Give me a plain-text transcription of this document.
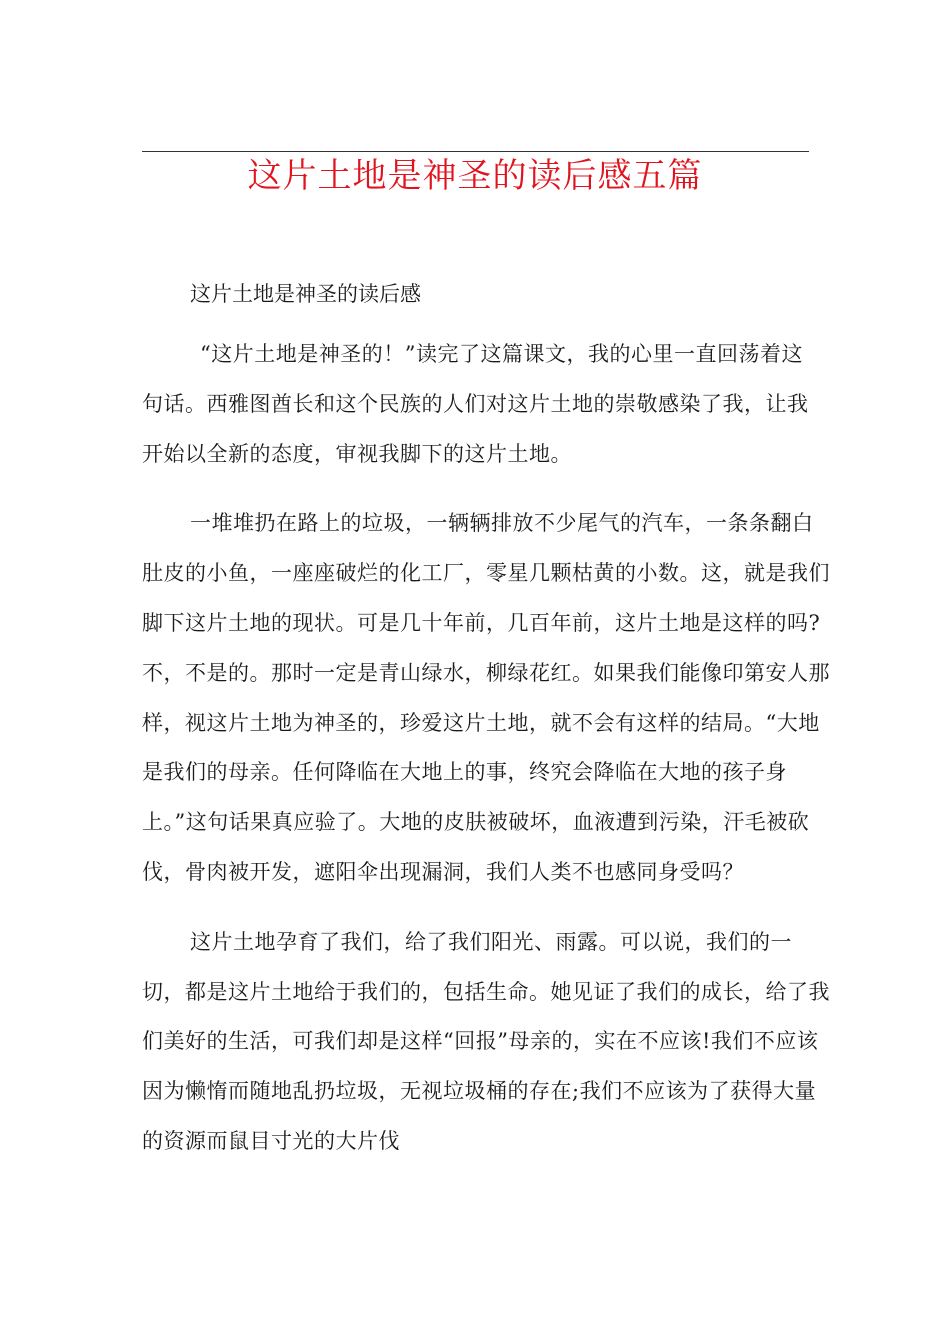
这片土地是神圣的读后感五篇

这片土地是神圣的读后感

“这片土地是神圣的！”读完了这篇课文，我的心里一直回荡着这句话。西雅图酋长和这个民族的人们对这片土地的崇敬感染了我，让我开始以全新的态度，审视我脚下的这片土地。

一堆堆扔在路上的垃圾，一辆辆排放不少尾气的汽车，一条条翻白肚皮的小鱼，一座座破烂的化工厂，零星几颗枯黄的小数。这，就是我们脚下这片土地的现状。可是几十年前，几百年前，这片土地是这样的吗?不，不是的。那时一定是青山绿水，柳绿花红。如果我们能像印第安人那样，视这片土地为神圣的，珍爱这片土地，就不会有这样的结局。“大地是我们的母亲。任何降临在大地上的事，终究会降临在大地的孩子身上。”这句话果真应验了。大地的皮肤被破坏，血液遭到污染，汗毛被砍伐，骨肉被开发，遮阳伞出现漏洞，我们人类不也感同身受吗？

这片土地孕育了我们，给了我们阳光、雨露。可以说，我们的一切，都是这片土地给于我们的，包括生命。她见证了我们的成长，给了我们美好的生活，可我们却是这样“回报”母亲的，实在不应该!我们不应该因为懒惰而随地乱扔垃圾，无视垃圾桶的存在;我们不应该为了获得大量的资源而鼠目寸光的大片伐
